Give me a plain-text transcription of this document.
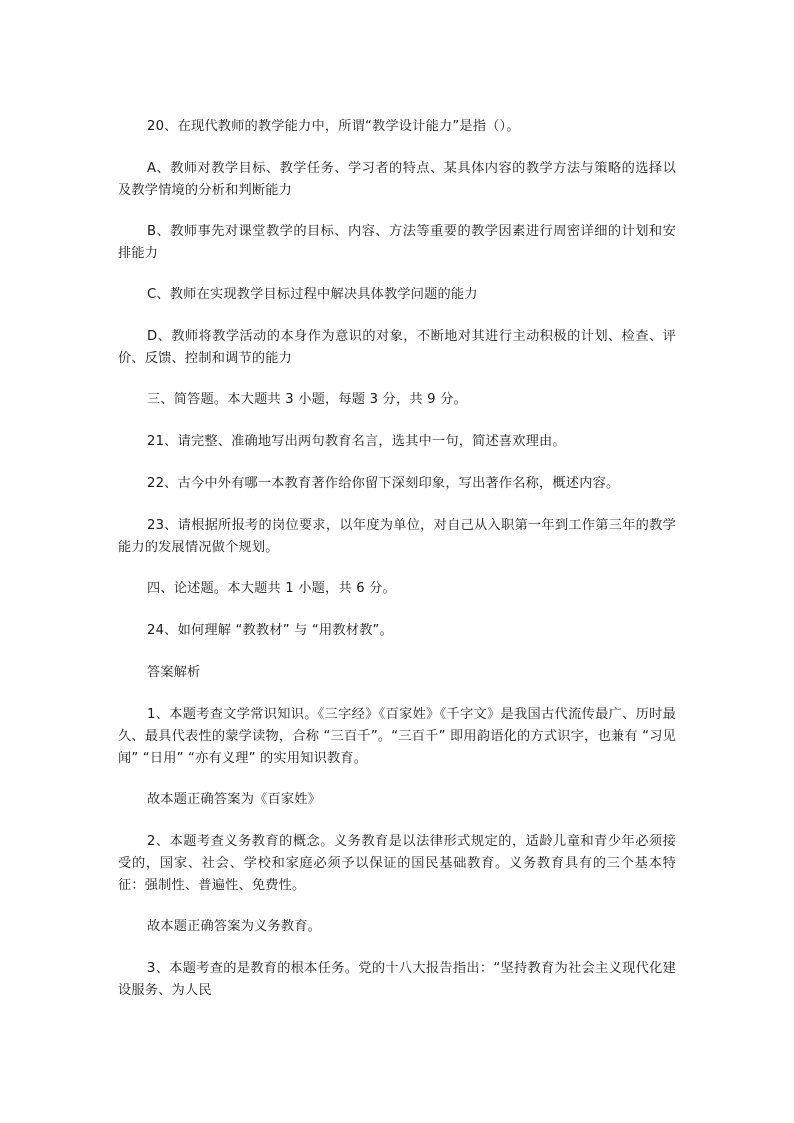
20、在现代教师的教学能力中，所谓“教学设计能力”是指（）。

A、教师对教学目标、教学任务、学习者的特点、某具体内容的教学方法与策略的选择以及教学情境的分析和判断能力

B、教师事先对课堂教学的目标、内容、方法等重要的教学因素进行周密详细的计划和安排能力

C、教师在实现教学目标过程中解决具体教学问题的能力

D、教师将教学活动的本身作为意识的对象，不断地对其进行主动积极的计划、检查、评价、反馈、控制和调节的能力

三、简答题。本大题共 3 小题，每题 3 分，共 9 分。

21、请完整、准确地写出两句教育名言，选其中一句，简述喜欢理由。

22、古今中外有哪一本教育著作给你留下深刻印象，写出著作名称，概述内容。

23、请根据所报考的岗位要求，以年度为单位，对自己从入职第一年到工作第三年的教学能力的发展情况做个规划。

四、论述题。本大题共 1 小题，共 6 分。

24、如何理解 “教教材” 与 “用教材教”。

答案解析

1、本题考查文学常识知识。《三字经》《百家姓》《千字文》是我国古代流传最广、历时最久、最具代表性的蒙学读物，合称 “三百千”。“三百千” 即用韵语化的方式识字，也兼有 “习见闻” “日用” “亦有义理” 的实用知识教育。

故本题正确答案为《百家姓》

2、本题考查义务教育的概念。义务教育是以法律形式规定的，适龄儿童和青少年必须接受的，国家、社会、学校和家庭必须予以保证的国民基础教育。义务教育具有的三个基本特征：强制性、普遍性、免费性。

故本题正确答案为义务教育。

3、本题考查的是教育的根本任务。党的十八大报告指出：“坚持教育为社会主义现代化建设服务、为人民
